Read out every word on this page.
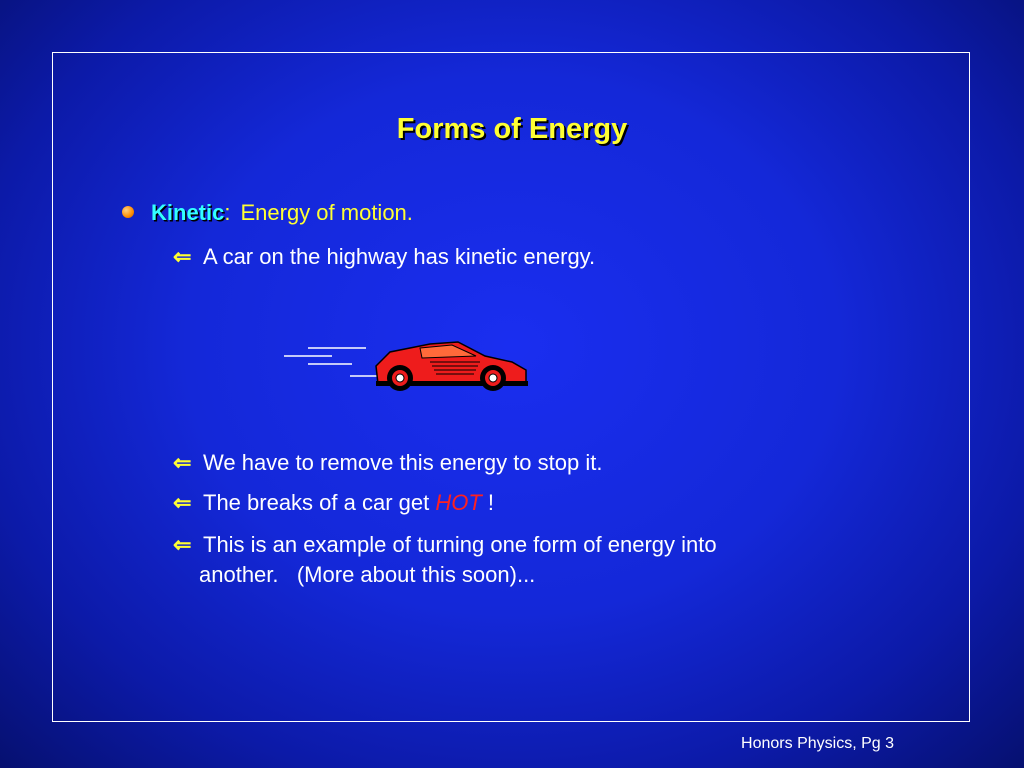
Forms of Energy
Kinetic: Energy of motion.
⇐ A car on the highway has kinetic energy.
⇐ We have to remove this energy to stop it.
⇐ The breaks of a car get HOT !
⇐ This is an example of turning one form of energy into
another.   (More about this soon)...
Honors Physics, Pg 3
